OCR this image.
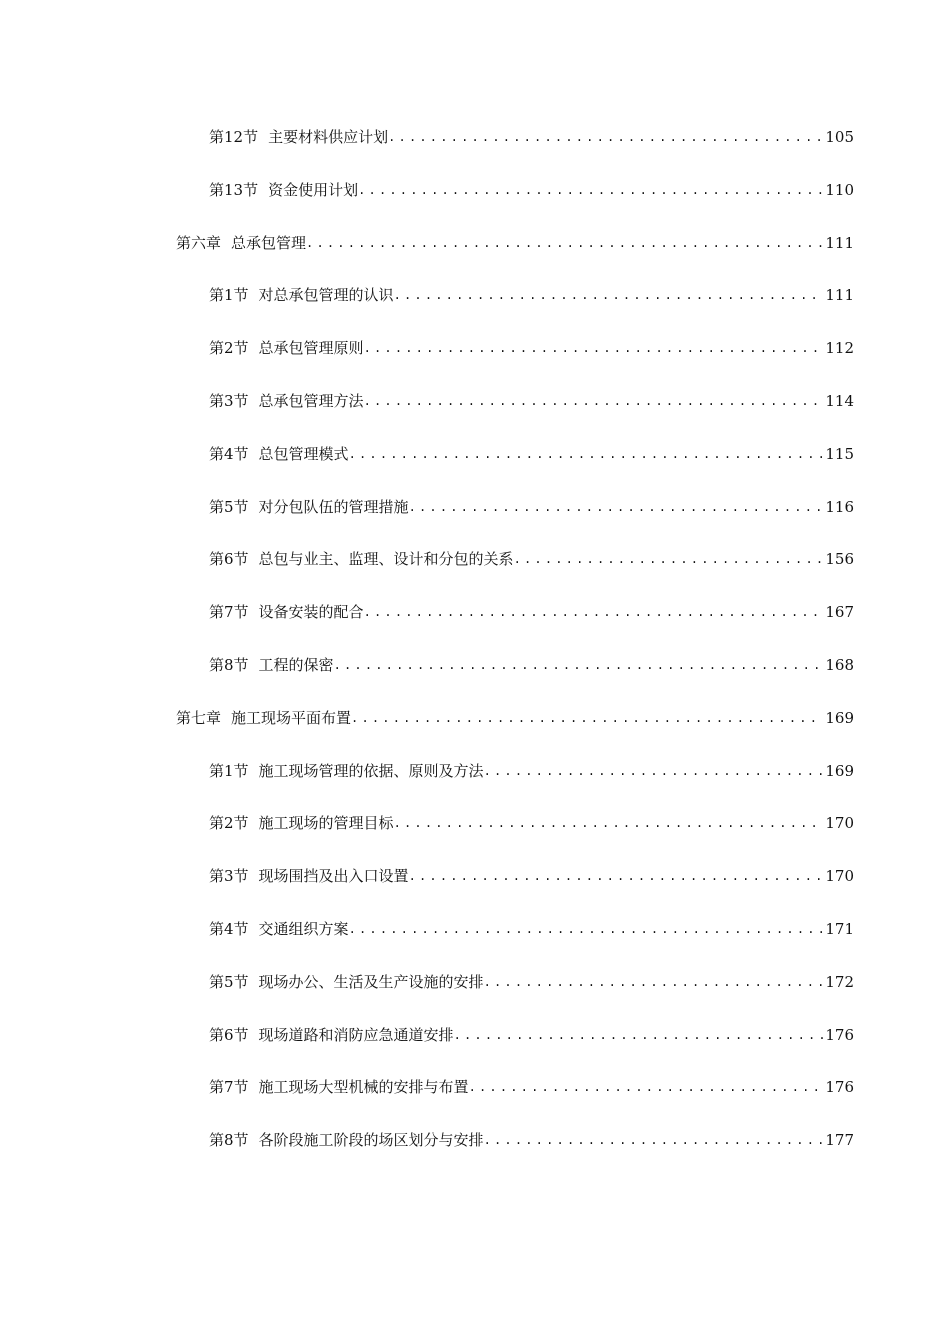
第12节 主要材料供应计划 .....	105
第13节 资金使用计划 .....	110
第六章 总承包管理 .....	111
第1节 对总承包管理的认识 .....	111
第2节 总承包管理原则 .....	112
第3节 总承包管理方法 .....	114
第4节 总包管理模式 .....	115
第5节 对分包队伍的管理措施 .....	116
第6节 总包与业主、监理、设计和分包的关系 .....	156
第7节 设备安装的配合 .....	167
第8节 工程的保密 .....	168
第七章 施工现场平面布置 .....	169
第1节 施工现场管理的依据、原则及方法 .....	169
第2节 施工现场的管理目标 .....	170
第3节 现场围挡及出入口设置 .....	170
第4节 交通组织方案 .....	171
第5节 现场办公、生活及生产设施的安排 .....	172
第6节 现场道路和消防应急通道安排 .....	176
第7节 施工现场大型机械的安排与布置 .....	176
第8节 各阶段施工阶段的场区划分与安排 .....	177
